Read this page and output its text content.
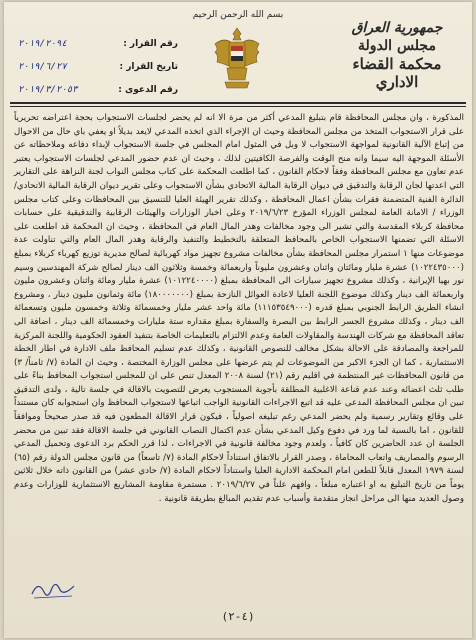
بسم الله الرحمن الرحيم
جمهورية العراق
مجلس الدولة
محكمة القضاء الاداري
رقم القرار :
٢٠١٩/٢٠٩٤
تاريخ القرار :
٢٠١٩/٦/٢٧
رقم الدعوى :
٢٠١٩/٣/٢٠٥٣

المذكورة ، وان مجلس المحافظة قام بتبليغ المدعي أكثر من مرة الا انه لم يحضر لجلسات الاستجواب بحجة اعتراضه تحريرياً على قرار الاستجواب المتخذ من مجلس المحافظة وحيث ان الإجراء الذي اتخذه المدعي لايعد بديلاً او يعفي باي حال من الاحوال من إتباع الآلية القانونية لمواجهة الاستجواب لا وبل في المثول امام المجلس في جلسة الاستجواب لإبداء دفاعه وملاحظاته عن الأسئلة الموجهة اليه سيما وانه منح الوقت والفرصة الكافيتين لذلك ، وحيث ان عدم حضور المدعي لجلسات الاستجواب يعتبر عدم تعاون مع مجلس المحافظة وفقاً لاحكام القانون ، كما اطلعت المحكمة على كتاب مجلس النواب لجنة النزاهة على التقارير التي اعدتها لجان الرقابة والتدقيق في ديوان الرقابة المالية الاتحادي بشأن الاستجواب وعلى تقرير ديوان الرقابة المالية الاتحادي/ الدائرة الفنية المتضمنة فقرات بشأن اعمال المحافظة ، وكذلك تقرير الهيئة العليا للتنسيق بين المحافظات وعلى كتاب مجلس الوزراء / الامانة العامة لمجلس الوزراء المؤرخ ٢٠١٩/٦/٢٣ وعلى اخبار الوزارات والهيئات الرقابية والتدقيقية على حسابات محافظة كربلاء المقدسة والتي تشير الى وجود مخالفات وهدر المال العام في المحافظة ، وحيث ان المحكمة قد اطلعت على الاسئلة التي تضمنها الاستجواب الخاص بالمحافظ المتعلقة بالتخطيط والتنفيذ والرقابة وهدر المال العام والتي تناولت عدة موضوعات منها ١ استمرار مجلس المحافظة بشأن مخالفات مشروع تجهيز مواد كهربائية لصالح مديرية توزيع كهرباء كربلاء بمبلغ (١٠٢٢٤٣٥٠٠٠) عشرة مليار ومائتان واثنان وعشرون مليوناً واربعمائة وخمسة وثلاثون الف دينار لصالح شركة المهندسين وسيم نور بهيا الإيرانية ، وكذلك مشروع تجهيز سيارات الى المحافظة بمبلغ (١٠١٢٢٤٠٠٠٠) عشرة مليار ومائة واثنان وعشرون مليون واربعمائة الف دينار وكذلك موضوع اللجنة العليا لاعادة العوائل النازحة بمبلغ (١٨٠٠٠٠٠٠٠) مائة وثمانون مليون دينار ، ومشروع انشاء الطريق الرابط الجنوبي بمبلغ قدره (١١١٥٣٥٤٩٠٠٠) مائة واحد عشر مليار وخمسمائة وثلاثة وخمسون مليون وتسعمائة الف دينار ، وكذلك مشروع الجسر الرابط بين البصرة والسفارة بمبلغ مقداره ستة مليارات وخمسمائة الف دينار ، اضافة الى تعاقد المحافظة مع شركات الهندسة والمقاولات العامة وعدم الالتزام بالتعليمات الخاصة بتنفيذ العقود الحكومية واللجنة المركزية للمراجعة والمصادقة على الاحالة بشكل مخالف للنصوص القانونية ، وكذلك عدم تسليم المحافظ ملف الادارة في اطار الخطة الاستثمارية ، كما ان الجزء الاكبر من الموضوعات لم يتم عرضها على مجلس الوزارة المختصة ، وحيث ان المادة (٧/ ثامناً/ ٣) من قانون المحافظات غير المنتظمة في اقليم رقم (٢١) لسنة ٢٠٠٨ المعدل تنص على ان للمجلس استجواب المحافظ بناءً على طلب ثلث اعضائه وعند عدم قناعة الاغلبية المطلقة بأجوبة المستجوب يعرض للتصويت بالاقالة في جلسة تالية ، ولدى التدقيق تبين ان مجلس المحافظة المدعى عليه قد اتبع الاجراءات القانونية الواجب اتباعها لاستجواب المحافظ وان استجوابه كان مستنداً على وقائع وتقارير رسمية ولم يحضر المدعي رغم تبليغه اصولياً ، فيكون قرار الاقالة المطعون فيه قد صدر صحيحاً وموافقاً للقانون ، اما بالنسبة لما ورد في دفوع وكيل المدعي بشأن عدم اكتمال النصاب القانوني في جلسة الاقالة فقد تبين من محضر الجلسة ان عدد الحاضرين كان كافياً ، ولعدم وجود مخالفة قانونية في الاجراءات ، لذا قرر الحكم برد الدعوى وتحميل المدعي الرسوم والمصاريف واتعاب المحاماة ، وصدر القرار بالاتفاق استناداً لاحكام المادة (٧/ تاسعاً) من قانون مجلس الدولة رقم (٦٥) لسنة ١٩٧٩ المعدل قابلاً للطعن امام المحكمة الادارية العليا واستناداً لاحكام المادة (٧/ حادي عشر) من القانون ذاته خلال ثلاثين يوماً من تاريخ التبليغ به او اعتباره مبلغاً ، وافهم علناً في ٢٠١٩/٦/٢٧ . مستمرة مقاومة المشاريع الاستثمارية للوزارات وعدم وصول العديد منها الى مراحل انجاز متقدمة وأسباب عدم تقديم المبالغ بطريقة قانونية .

(٤-٢)
